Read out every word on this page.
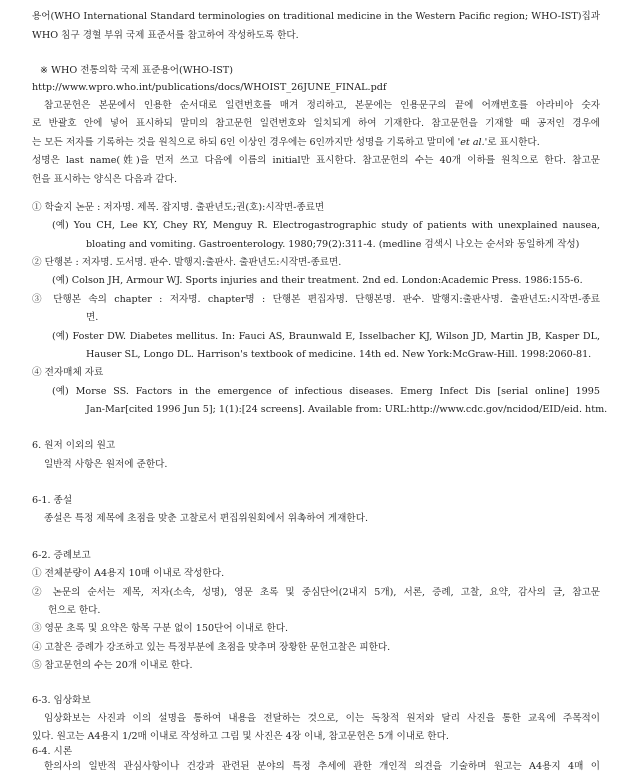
용어(WHO International Standard terminologies on traditional medicine in the Western Pacific region; WHO-IST)집과
WHO 침구 경혈 부위 국제 표준서를 참고하여 작성하도록 한다.
※ WHO 전통의학 국제 표준용어(WHO-IST)
http://www.wpro.who.int/publications/docs/WHOIST_26JUNE_FINAL.pdf
참고문헌은 본문에서 인용한 순서대로 일련번호를 매겨 정리하고, 본문에는 인용문구의 끝에 어깨번호를 아라비아 숫자
로 반괄호 안에 넣어 표시하되 말미의 참고문헌 일련번호와 일치되게 하여 기재한다. 참고문헌을 기재할 때 공저인 경우에
는 모든 저자를 기록하는 것을 원칙으로 하되 6인 이상인 경우에는 6인까지만 성명을 기록하고 말미에 'et al.'로 표시한다.
성명은 last name(姓)을 먼저 쓰고 다음에 이름의 initial만 표시한다. 참고문헌의 수는 40개 이하를 원칙으로 한다. 참고문
헌을 표시하는 양식은 다음과 같다.
① 학술지 논문 : 저자명. 제목. 잡지명. 출판년도;권(호):시작면-종료면
(예) You CH, Lee KY, Chey RY, Menguy R. Electrogastrographic study of patients with unexplained nausea,
bloating and vomiting. Gastroenterology. 1980;79(2):311-4. (medline 검색시 나오는 순서와 동일하게 작성)
② 단행본 : 저자명. 도서명. 판수. 발행지:출판사. 출판년도:시작면-종료면.
(예) Colson JH, Armour WJ. Sports injuries and their treatment. 2nd ed. London:Academic Press. 1986:155-6.
③ 단행본 속의 chapter : 저자명. chapter명 : 단행본 편집자명. 단행본명. 판수. 발행지:출판사명. 출판년도:시작면-종료
면.
(예) Foster DW. Diabetes mellitus. In: Fauci AS, Braunwald E, Isselbacher KJ, Wilson JD, Martin JB, Kasper DL,
Hauser SL, Longo DL. Harrison's textbook of medicine. 14th ed. New York:McGraw-Hill. 1998:2060-81.
④ 전자매체 자료
(예) Morse SS. Factors in the emergence of infectious diseases. Emerg Infect Dis [serial online] 1995
Jan-Mar[cited 1996 Jun 5]; 1(1):[24 screens]. Available from: URL:http://www.cdc.gov/ncidod/EID/eid. htm.
6. 원저 이외의 원고
일반적 사항은 원저에 준한다.
6-1. 종설
종설은 특정 제목에 초점을 맞춘 고찰로서 편집위원회에서 위촉하여 게재한다.
6-2. 증례보고
① 전체분량이 A4용지 10매 이내로 작성한다.
② 논문의 순서는 제목, 저자(소속, 성명), 영문 초록 및 중심단어(2내지 5개), 서론, 증례, 고찰, 요약, 감사의 글, 참고문
헌으로 한다.
③ 영문 초록 및 요약은 항목 구분 없이 150단어 이내로 한다.
④ 고찰은 증례가 강조하고 있는 특정부분에 초점을 맞추며 장황한 문헌고찰은 피한다.
⑤ 참고문헌의 수는 20개 이내로 한다.
6-3. 임상화보
임상화보는 사진과 이의 설명을 통하여 내용을 전달하는 것으로, 이는 독창적 원저와 달리 사진을 통한 교육에 주목적이
있다. 원고는 A4용지 1/2매 이내로 작성하고 그림 및 사진은 4장 이내, 참고문헌은 5개 이내로 한다.
6-4. 시론
한의사의 일반적 관심사항이나 건강과 관련된 분야의 특정 추세에 관한 개인적 의견을 기술하며 원고는 A4용지 4매 이
